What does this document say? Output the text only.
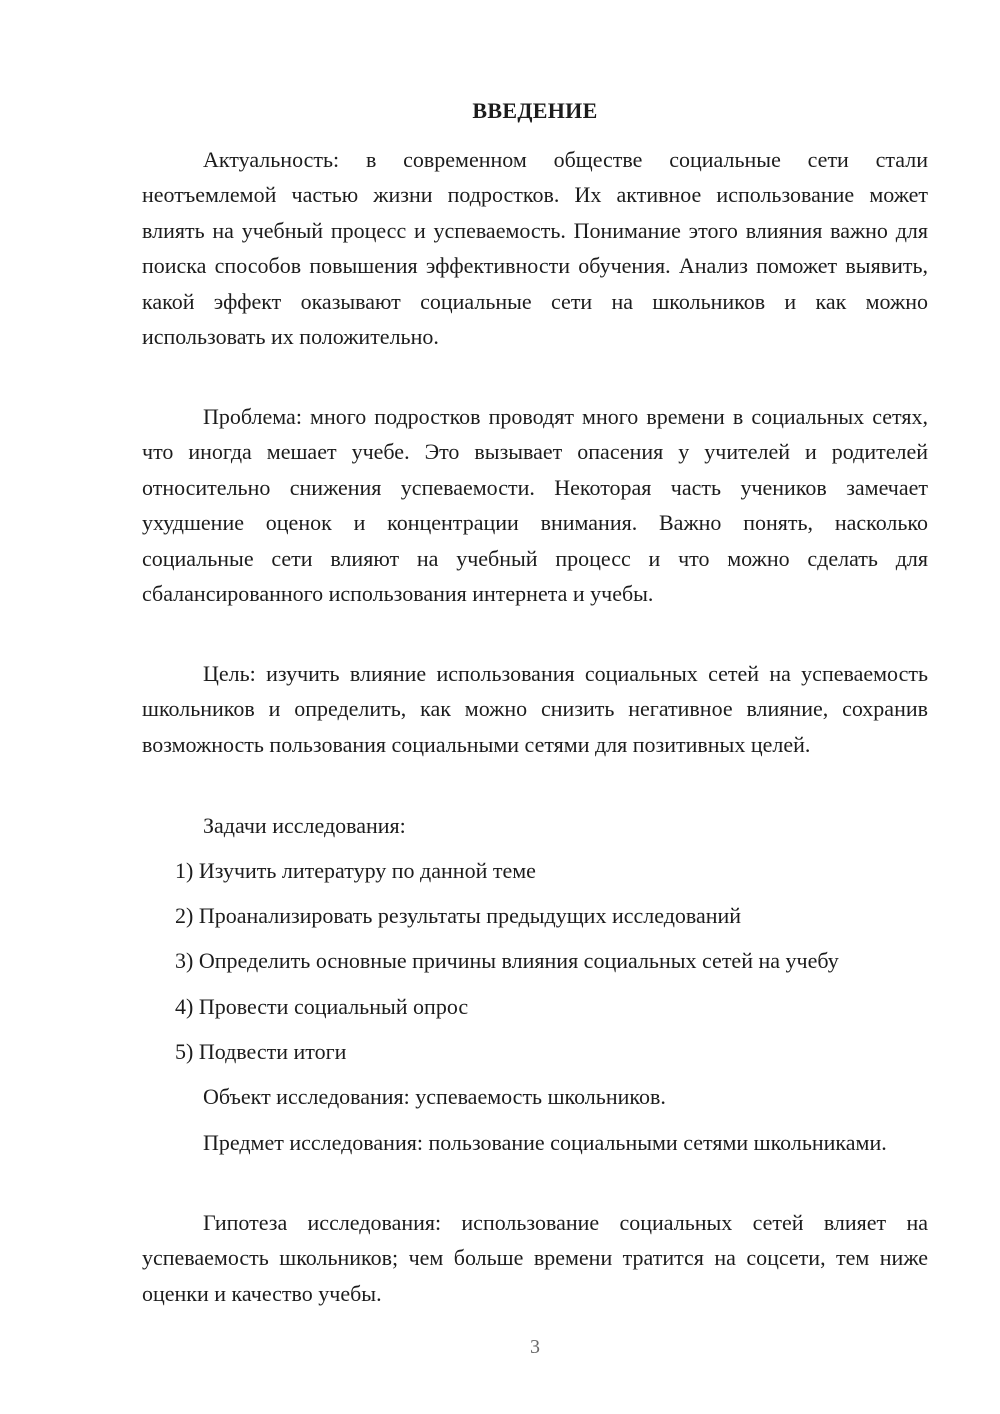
ВВЕДЕНИЕ

Актуальность: в современном обществе социальные сети стали неотъемлемой частью жизни подростков. Их активное использование может влиять на учебный процесс и успеваемость. Понимание этого влияния важно для поиска способов повышения эффективности обучения. Анализ поможет выявить, какой эффект оказывают социальные сети на школьников и как можно использовать их положительно.

Проблема: много подростков проводят много времени в социальных сетях, что иногда мешает учебе. Это вызывает опасения у учителей и родителей относительно снижения успеваемости. Некоторая часть учеников замечает ухудшение оценок и концентрации внимания. Важно понять, насколько социальные сети влияют на учебный процесс и что можно сделать для сбалансированного использования интернета и учебы.

Цель: изучить влияние использования социальных сетей на успеваемость школьников и определить, как можно снизить негативное влияние, сохранив возможность пользования социальными сетями для позитивных целей.

Задачи исследования:
1) Изучить литературу по данной теме
2) Проанализировать результаты предыдущих исследований
3) Определить основные причины влияния социальных сетей на учебу
4) Провести социальный опрос
5) Подвести итоги
Объект исследования: успеваемость школьников.

Предмет исследования: пользование социальными сетями школьниками.

Гипотеза исследования: использование социальных сетей влияет на успеваемость школьников; чем больше времени тратится на соцсети, тем ниже оценки и качество учебы.

3
